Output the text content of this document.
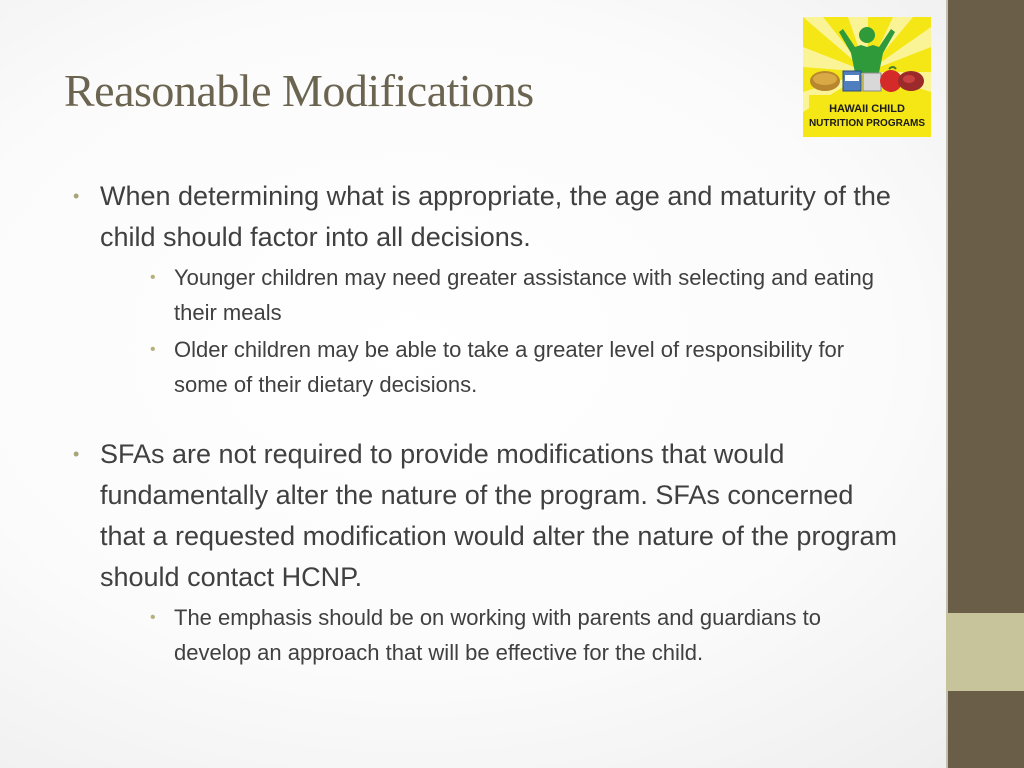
Reasonable Modifications	HAWAII CHILD
NUTRITION PROGRAMS
• When determining what is appropriate, the age and maturity of the child should factor into all decisions.
• Younger children may need greater assistance with selecting and eating their meals
• Older children may be able to take a greater level of responsibility for some of their dietary decisions.
• SFAs are not required to provide modifications that would fundamentally alter the nature of the program. SFAs concerned that a requested modification would alter the nature of the program should contact HCNP.
• The emphasis should be on working with parents and guardians to develop an approach that will be effective for the child.
